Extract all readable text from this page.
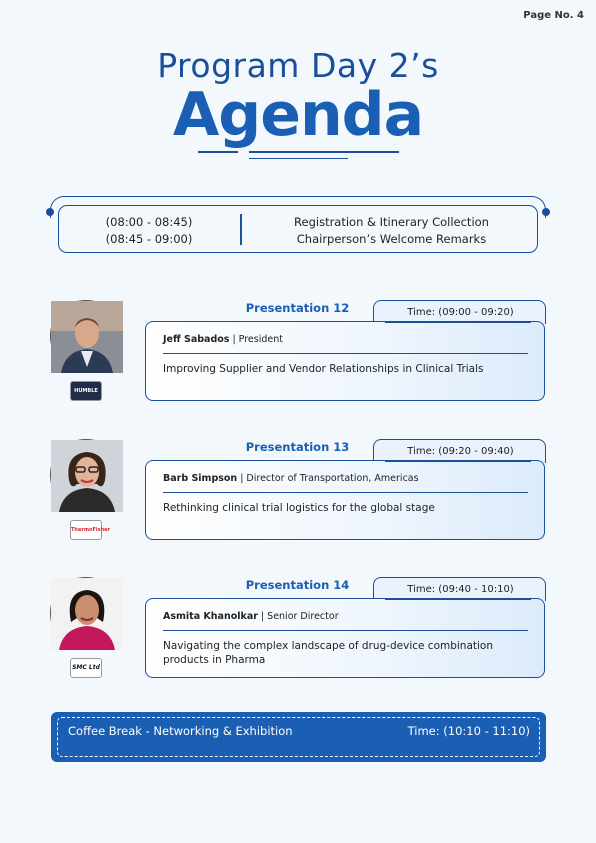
Page No. 4
Program Day 2’s
Agenda
(08:00 - 08:45)
(08:45 - 09:00)
Registration & Itinerary Collection
Chairperson’s Welcome Remarks
HUMBLE
Time: (09:00 - 09:20)
Presentation 12
Jeff Sabados | President
Improving Supplier and Vendor Relationships in Clinical Trials
ThermoFisher
Time: (09:20 - 09:40)
Presentation 13
Barb Simpson | Director of Transportation, Americas
Rethinking clinical trial logistics for the global stage
SMC Ltd
Time: (09:40 - 10:10)
Presentation 14
Asmita Khanolkar | Senior Director
Navigating the complex landscape of drug-device combination products in Pharma
Coffee Break - Networking & Exhibition	Time: (10:10 - 11:10)
